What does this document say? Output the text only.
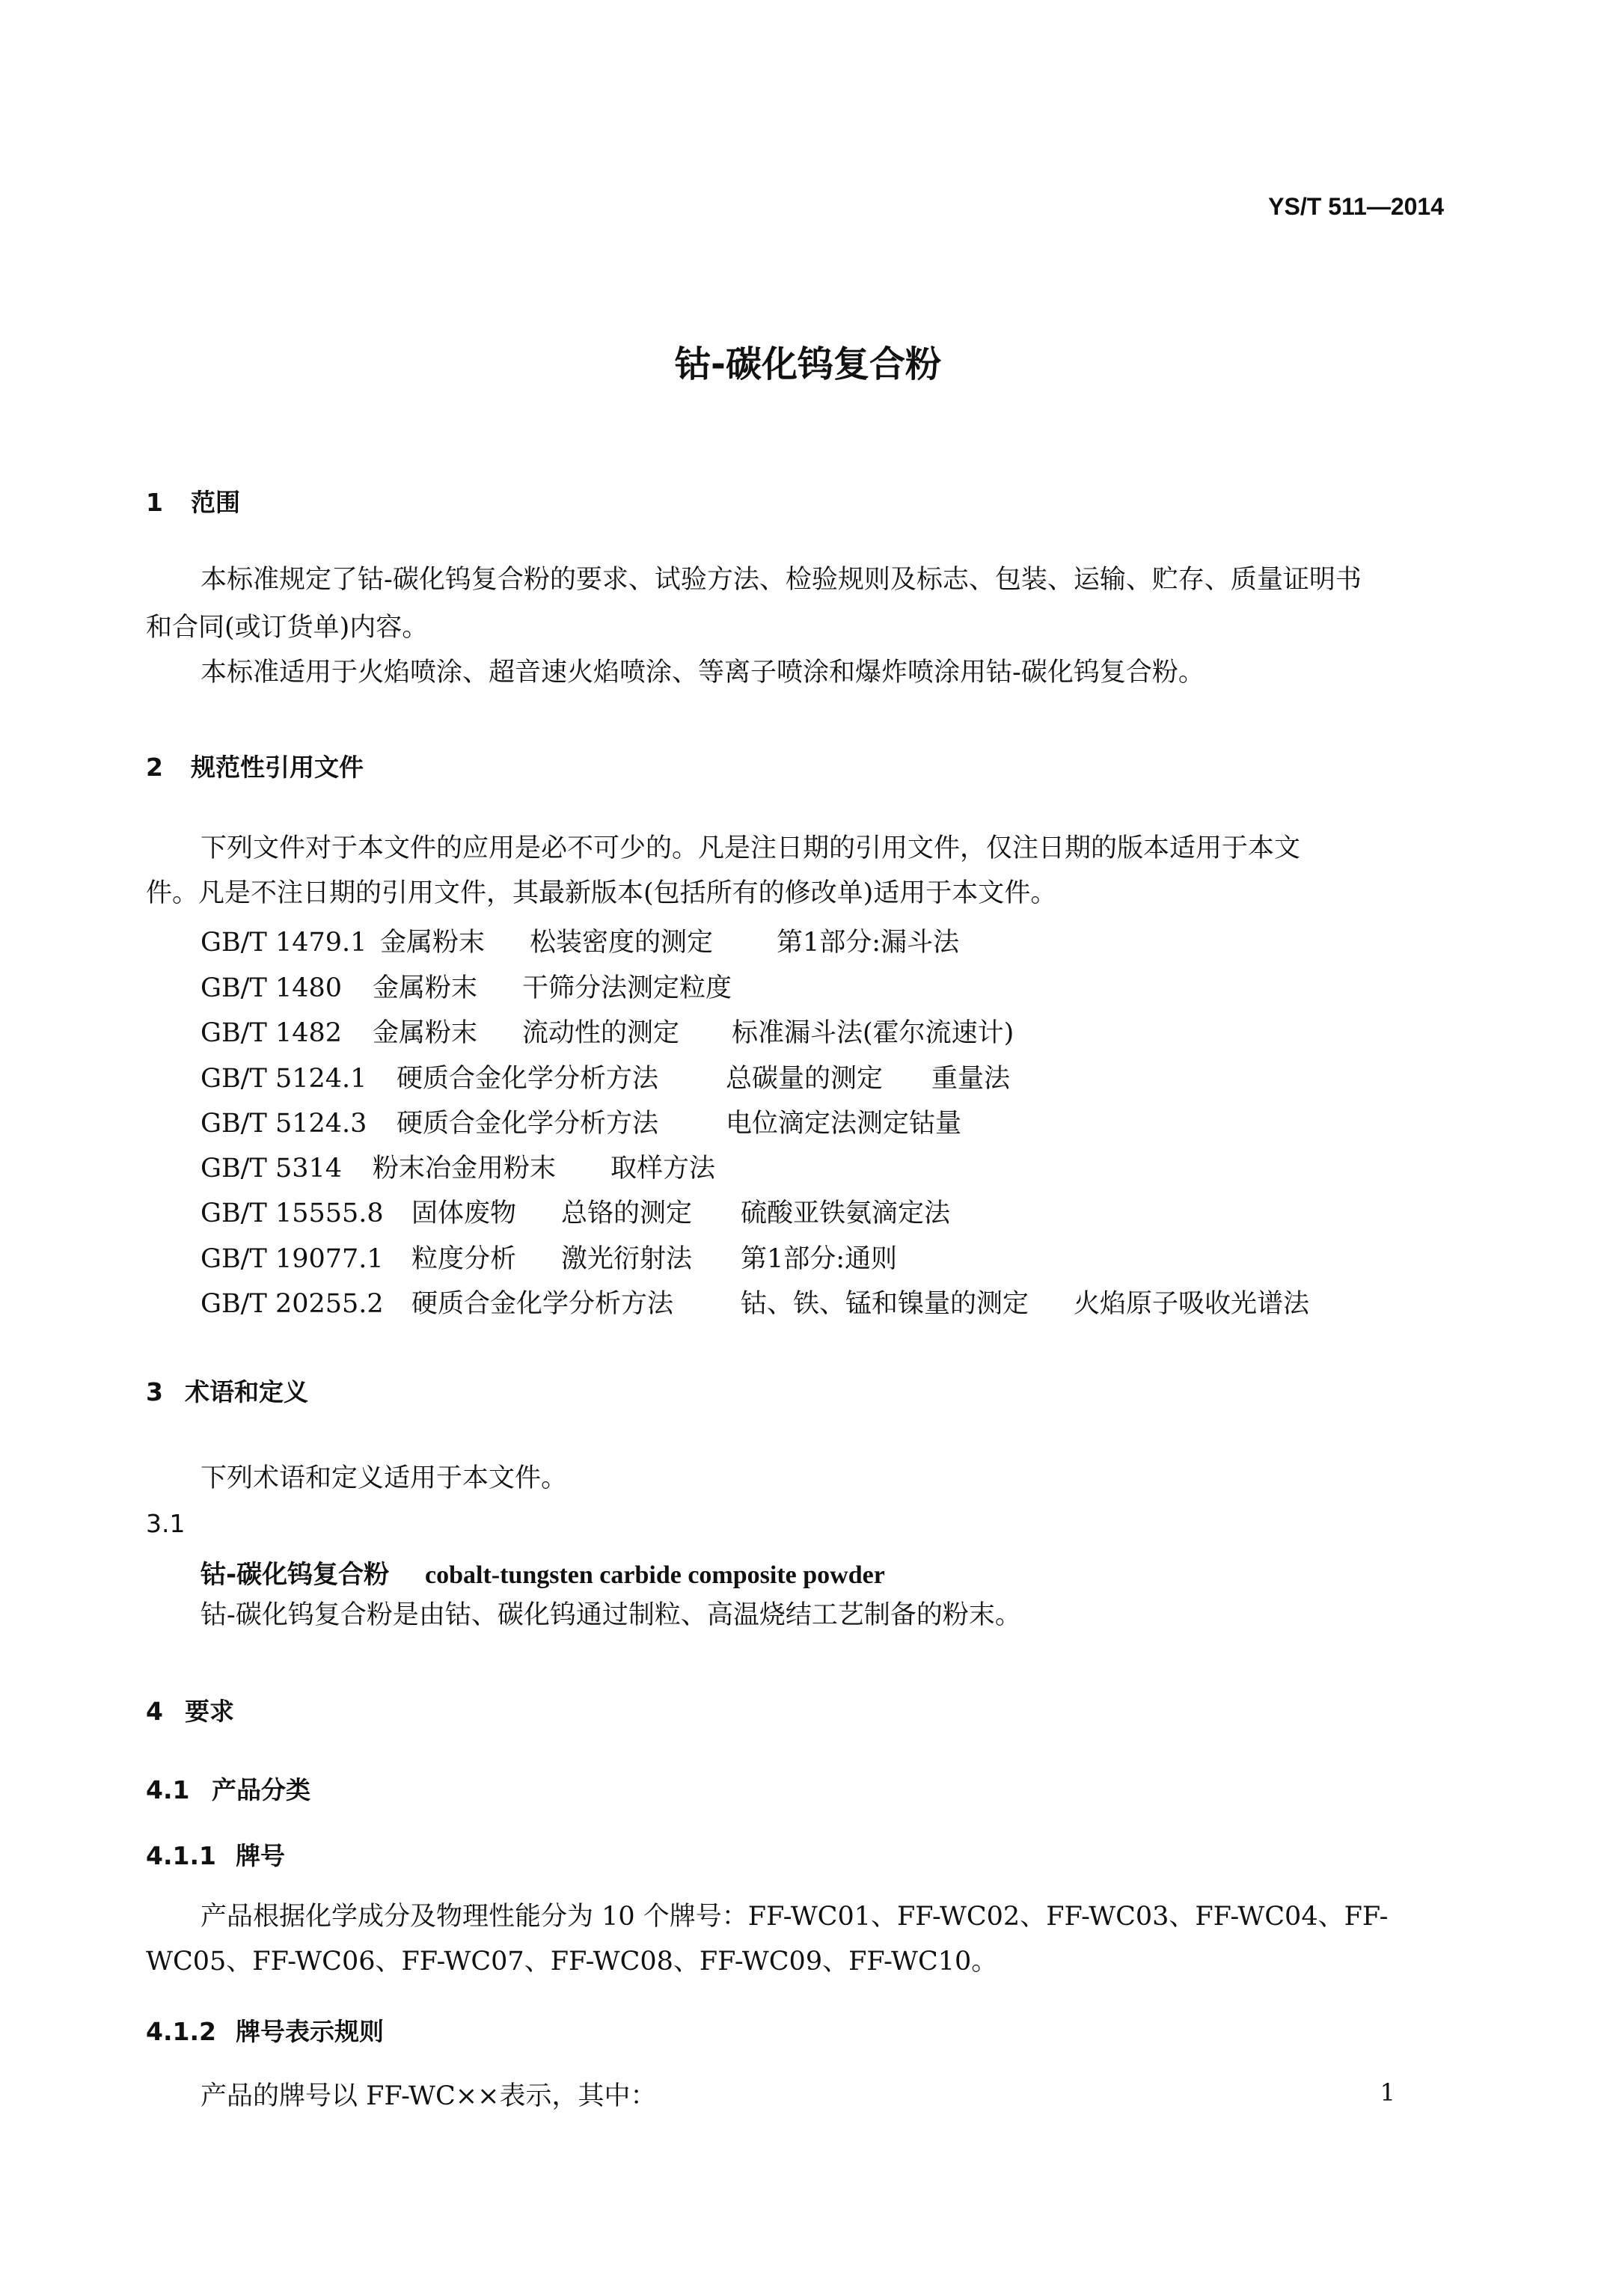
YS/T 511—2014
钴-碳化钨复合粉
1 范围
本标准规定了钴-碳化钨复合粉的要求、试验方法、检验规则及标志、包装、运输、贮存、质量证明书
和合同(或订货单)内容。
本标准适用于火焰喷涂、超音速火焰喷涂、等离子喷涂和爆炸喷涂用钴-碳化钨复合粉。
2 规范性引用文件
下列文件对于本文件的应用是必不可少的。凡是注日期的引用文件，仅注日期的版本适用于本文
件。凡是不注日期的引用文件，其最新版本(包括所有的修改单)适用于本文件。
GB/T 1479.1 金属粉末 松装密度的测定 第1部分:漏斗法
GB/T 1480 金属粉末 干筛分法测定粒度
GB/T 1482 金属粉末 流动性的测定 标准漏斗法(霍尔流速计)
GB/T 5124.1 硬质合金化学分析方法	总碳量的测定 重量法
GB/T 5124.3 硬质合金化学分析方法	电位滴定法测定钴量
GB/T 5314 粉末冶金用粉末 取样方法
GB/T 15555.8 固体废物 总铬的测定 硫酸亚铁氨滴定法
GB/T 19077.1 粒度分析 激光衍射法 第1部分:通则
GB/T 20255.2 硬质合金化学分析方法	钴、铁、锰和镍量的测定 火焰原子吸收光谱法
3 术语和定义
下列术语和定义适用于本文件。
3.1
钴-碳化钨复合粉 cobalt-tungsten carbide composite powder
钴-碳化钨复合粉是由钴、碳化钨通过制粒、高温烧结工艺制备的粉末。
4 要求
4.1 产品分类
4.1.1 牌号
产品根据化学成分及物理性能分为 10 个牌号：FF-WC01、FF-WC02、FF-WC03、FF-WC04、FF-
WC05、FF-WC06、FF-WC07、FF-WC08、FF-WC09、FF-WC10。
4.1.2 牌号表示规则
产品的牌号以 FF-WC××表示，其中：	1
